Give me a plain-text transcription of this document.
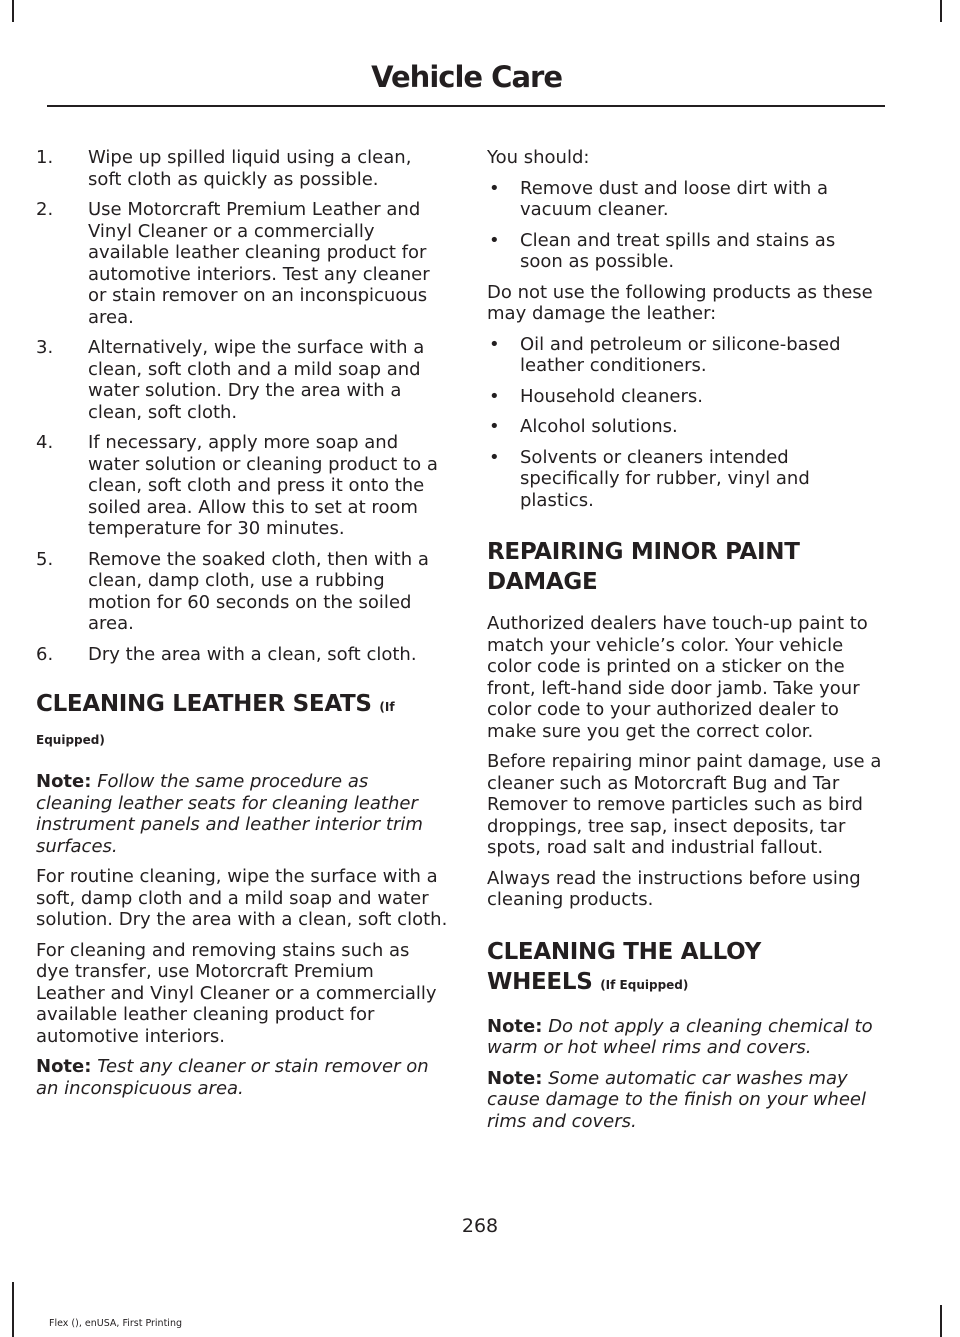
Vehicle Care
1. Wipe up spilled liquid using a clean, soft cloth as quickly as possible.
2. Use Motorcraft Premium Leather and Vinyl Cleaner or a commercially available leather cleaning product for automotive interiors. Test any cleaner or stain remover on an inconspicuous area.
3. Alternatively, wipe the surface with a clean, soft cloth and a mild soap and water solution. Dry the area with a clean, soft cloth.
4. If necessary, apply more soap and water solution or cleaning product to a clean, soft cloth and press it onto the soiled area. Allow this to set at room temperature for 30 minutes.
5. Remove the soaked cloth, then with a clean, damp cloth, use a rubbing motion for 60 seconds on the soiled area.
6. Dry the area with a clean, soft cloth.
CLEANING LEATHER SEATS (If
Equipped)

Note: Follow the same procedure as cleaning leather seats for cleaning leather instrument panels and leather interior trim surfaces.

For routine cleaning, wipe the surface with a soft, damp cloth and a mild soap and water solution. Dry the area with a clean, soft cloth.

For cleaning and removing stains such as dye transfer, use Motorcraft Premium Leather and Vinyl Cleaner or a commercially available leather cleaning product for automotive interiors.

Note: Test any cleaner or stain remover on an inconspicuous area.

You should:

• Remove dust and loose dirt with a vacuum cleaner.
• Clean and treat spills and stains as soon as possible.

Do not use the following products as these may damage the leather:

• Oil and petroleum or silicone-based leather conditioners.
• Household cleaners.
• Alcohol solutions.
• Solvents or cleaners intended specifically for rubber, vinyl and plastics.
REPAIRING MINOR PAINT
DAMAGE

Authorized dealers have touch-up paint to match your vehicle’s color. Your vehicle color code is printed on a sticker on the front, left-hand side door jamb. Take your color code to your authorized dealer to make sure you get the correct color.

Before repairing minor paint damage, use a cleaner such as Motorcraft Bug and Tar Remover to remove particles such as bird droppings, tree sap, insect deposits, tar spots, road salt and industrial fallout.

Always read the instructions before using cleaning products.

CLEANING THE ALLOY
WHEELS (If Equipped)

Note: Do not apply a cleaning chemical to warm or hot wheel rims and covers.

Note: Some automatic car washes may cause damage to the finish on your wheel rims and covers.

268
Flex (), enUSA, First Printing
